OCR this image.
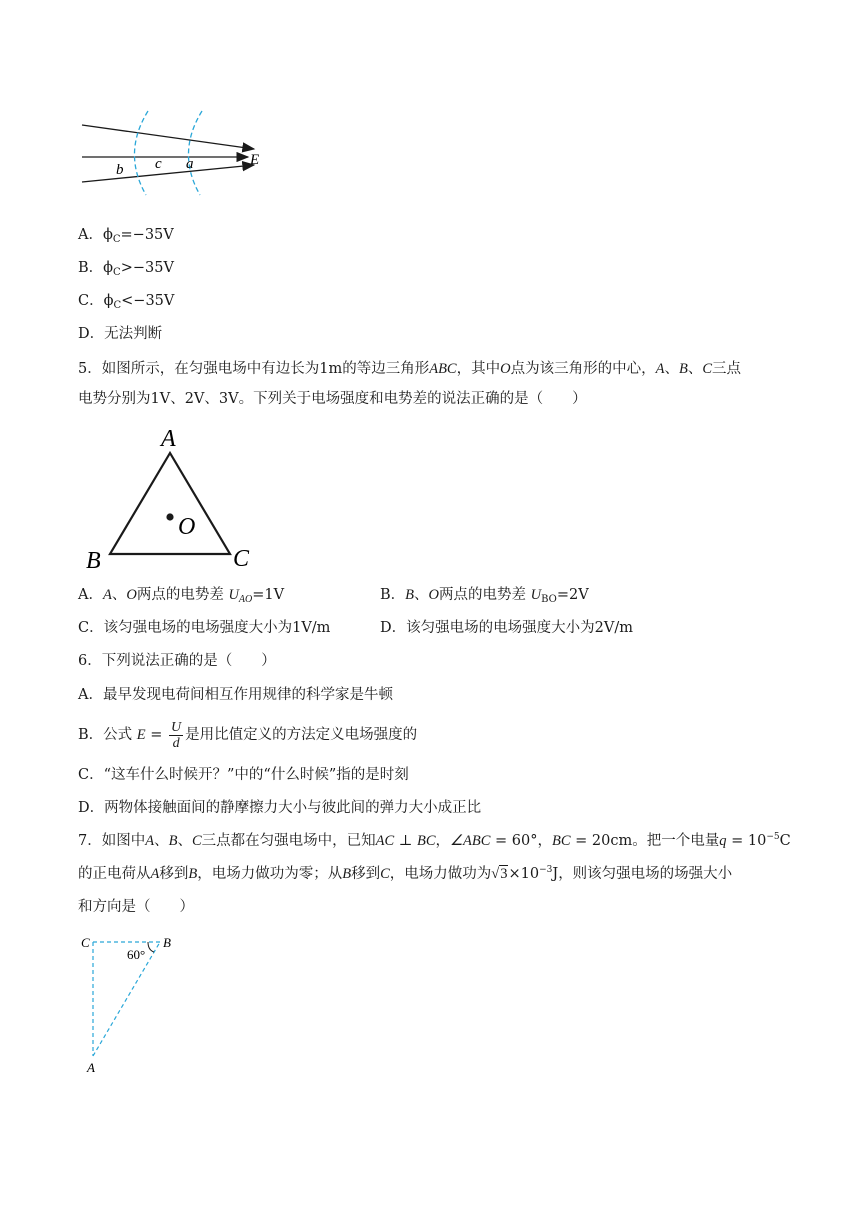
b c a	E
A．$\phi_C=-35V$
B．$\phi_C>-35V$
C．$\phi_C<-35V$
D．无法判断
5．如图所示，在匀强电场中有边长为1m的等边三角形ABC，其中O点为该三角形的中心，A、B、C三点
电势分别为1V、2V、3V。下列关于电场强度和电势差的说法正确的是（　　）
A
B	C
O
A．A、O两点的电势差 $U_{AO}=1V$	B．B、O两点的电势差 $U_{BO}=2V$
C．该匀强电场的电场强度大小为1V/m	D．该匀强电场的电场强度大小为2V/m
6．下列说法正确的是（　　）
A．最早发现电荷间相互作用规律的科学家是牛顿
B．公式 $E = \frac{U}{d}$ 是用比值定义的方法定义电场强度的
C．“这车什么时候开？”中的“什么时候”指的是时刻
D．两物体接触面间的静摩擦力大小与彼此间的弹力大小成正比
7．如图中A、B、C三点都在匀强电场中，已知AC ⊥ BC，∠ABC = 60°，BC = 20cm。把一个电量$q = 10^{-5}C$
的正电荷从A移到B，电场力做功为零；从B移到C，电场力做功为$√3\times 10^{-3}J$，则该匀强电场的场强大小
和方向是（　　）
C	B
A
60°
